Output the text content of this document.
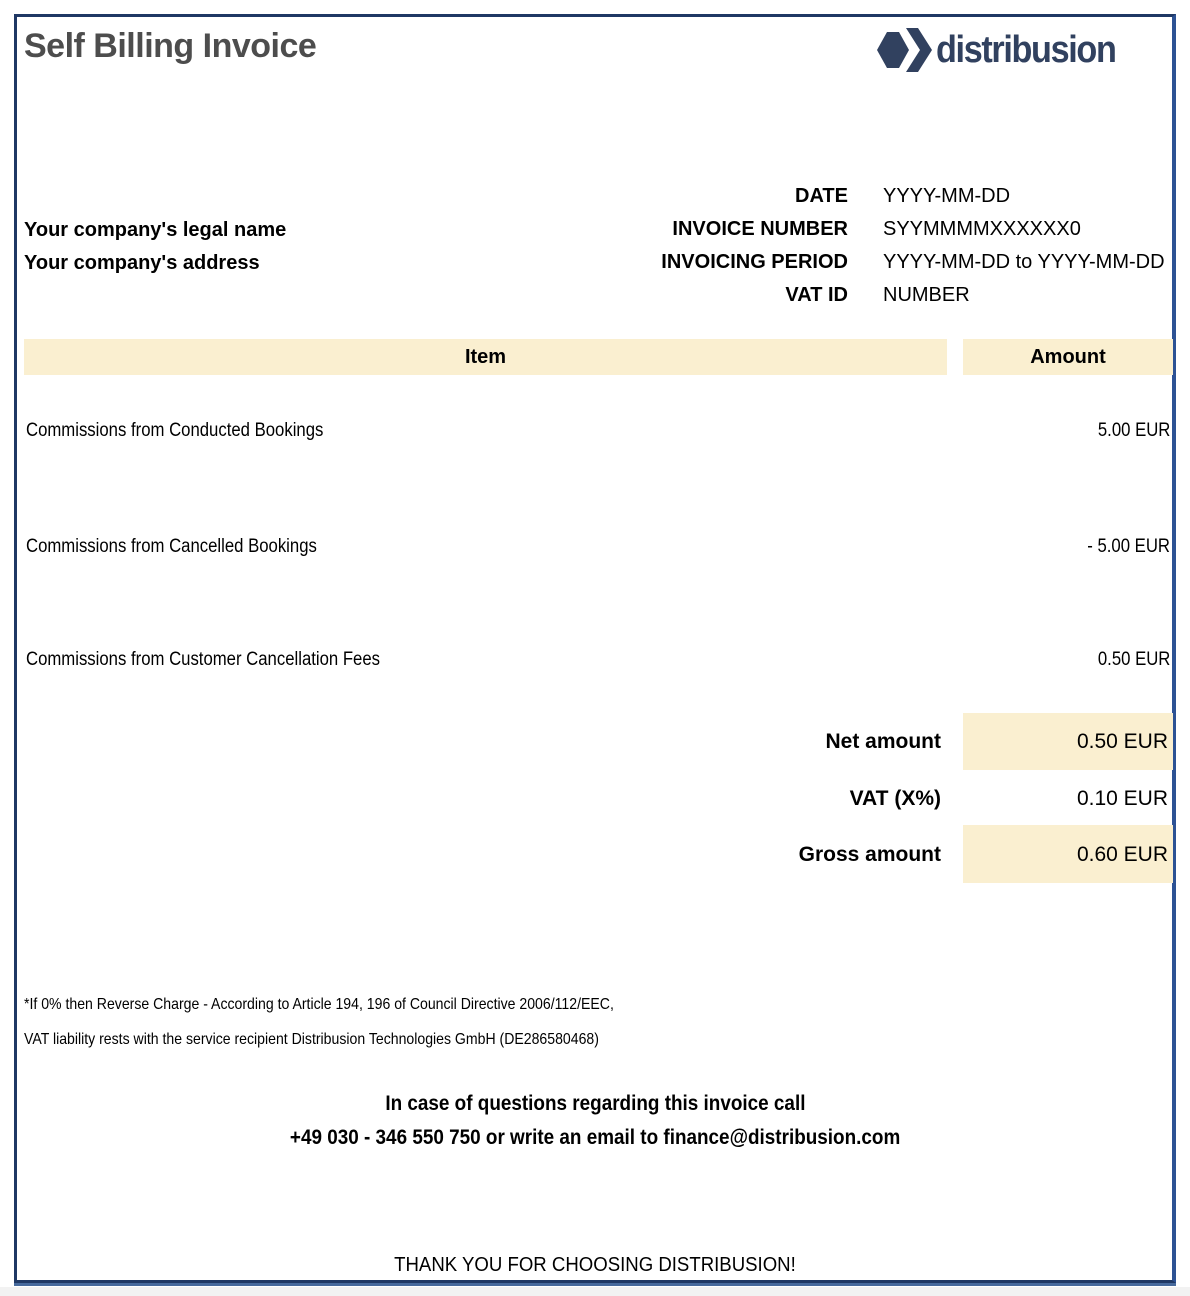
Self Billing Invoice	distribusion
Your company's legal name
Your company's address
DATE YYYY-MM-DD
INVOICE NUMBER SYYMMMMXXXXXX0
INVOICING PERIOD YYYY-MM-DD to YYYY-MM-DD
VAT ID NUMBER
Item	Amount
Commissions from Conducted Bookings	5.00 EUR
Commissions from Cancelled Bookings	- 5.00 EUR
Commissions from Customer Cancellation Fees	0.50 EUR
Net amount	0.50 EUR
VAT (X%)	0.10 EUR
Gross amount	0.60 EUR
*If 0% then Reverse Charge - According to Article 194, 196 of Council Directive 2006/112/EEC,
VAT liability rests with the service recipient Distribusion Technologies GmbH (DE286580468)
In case of questions regarding this invoice call
+49 030 - 346 550 750 or write an email to finance@distribusion.com
THANK YOU FOR CHOOSING DISTRIBUSION!
